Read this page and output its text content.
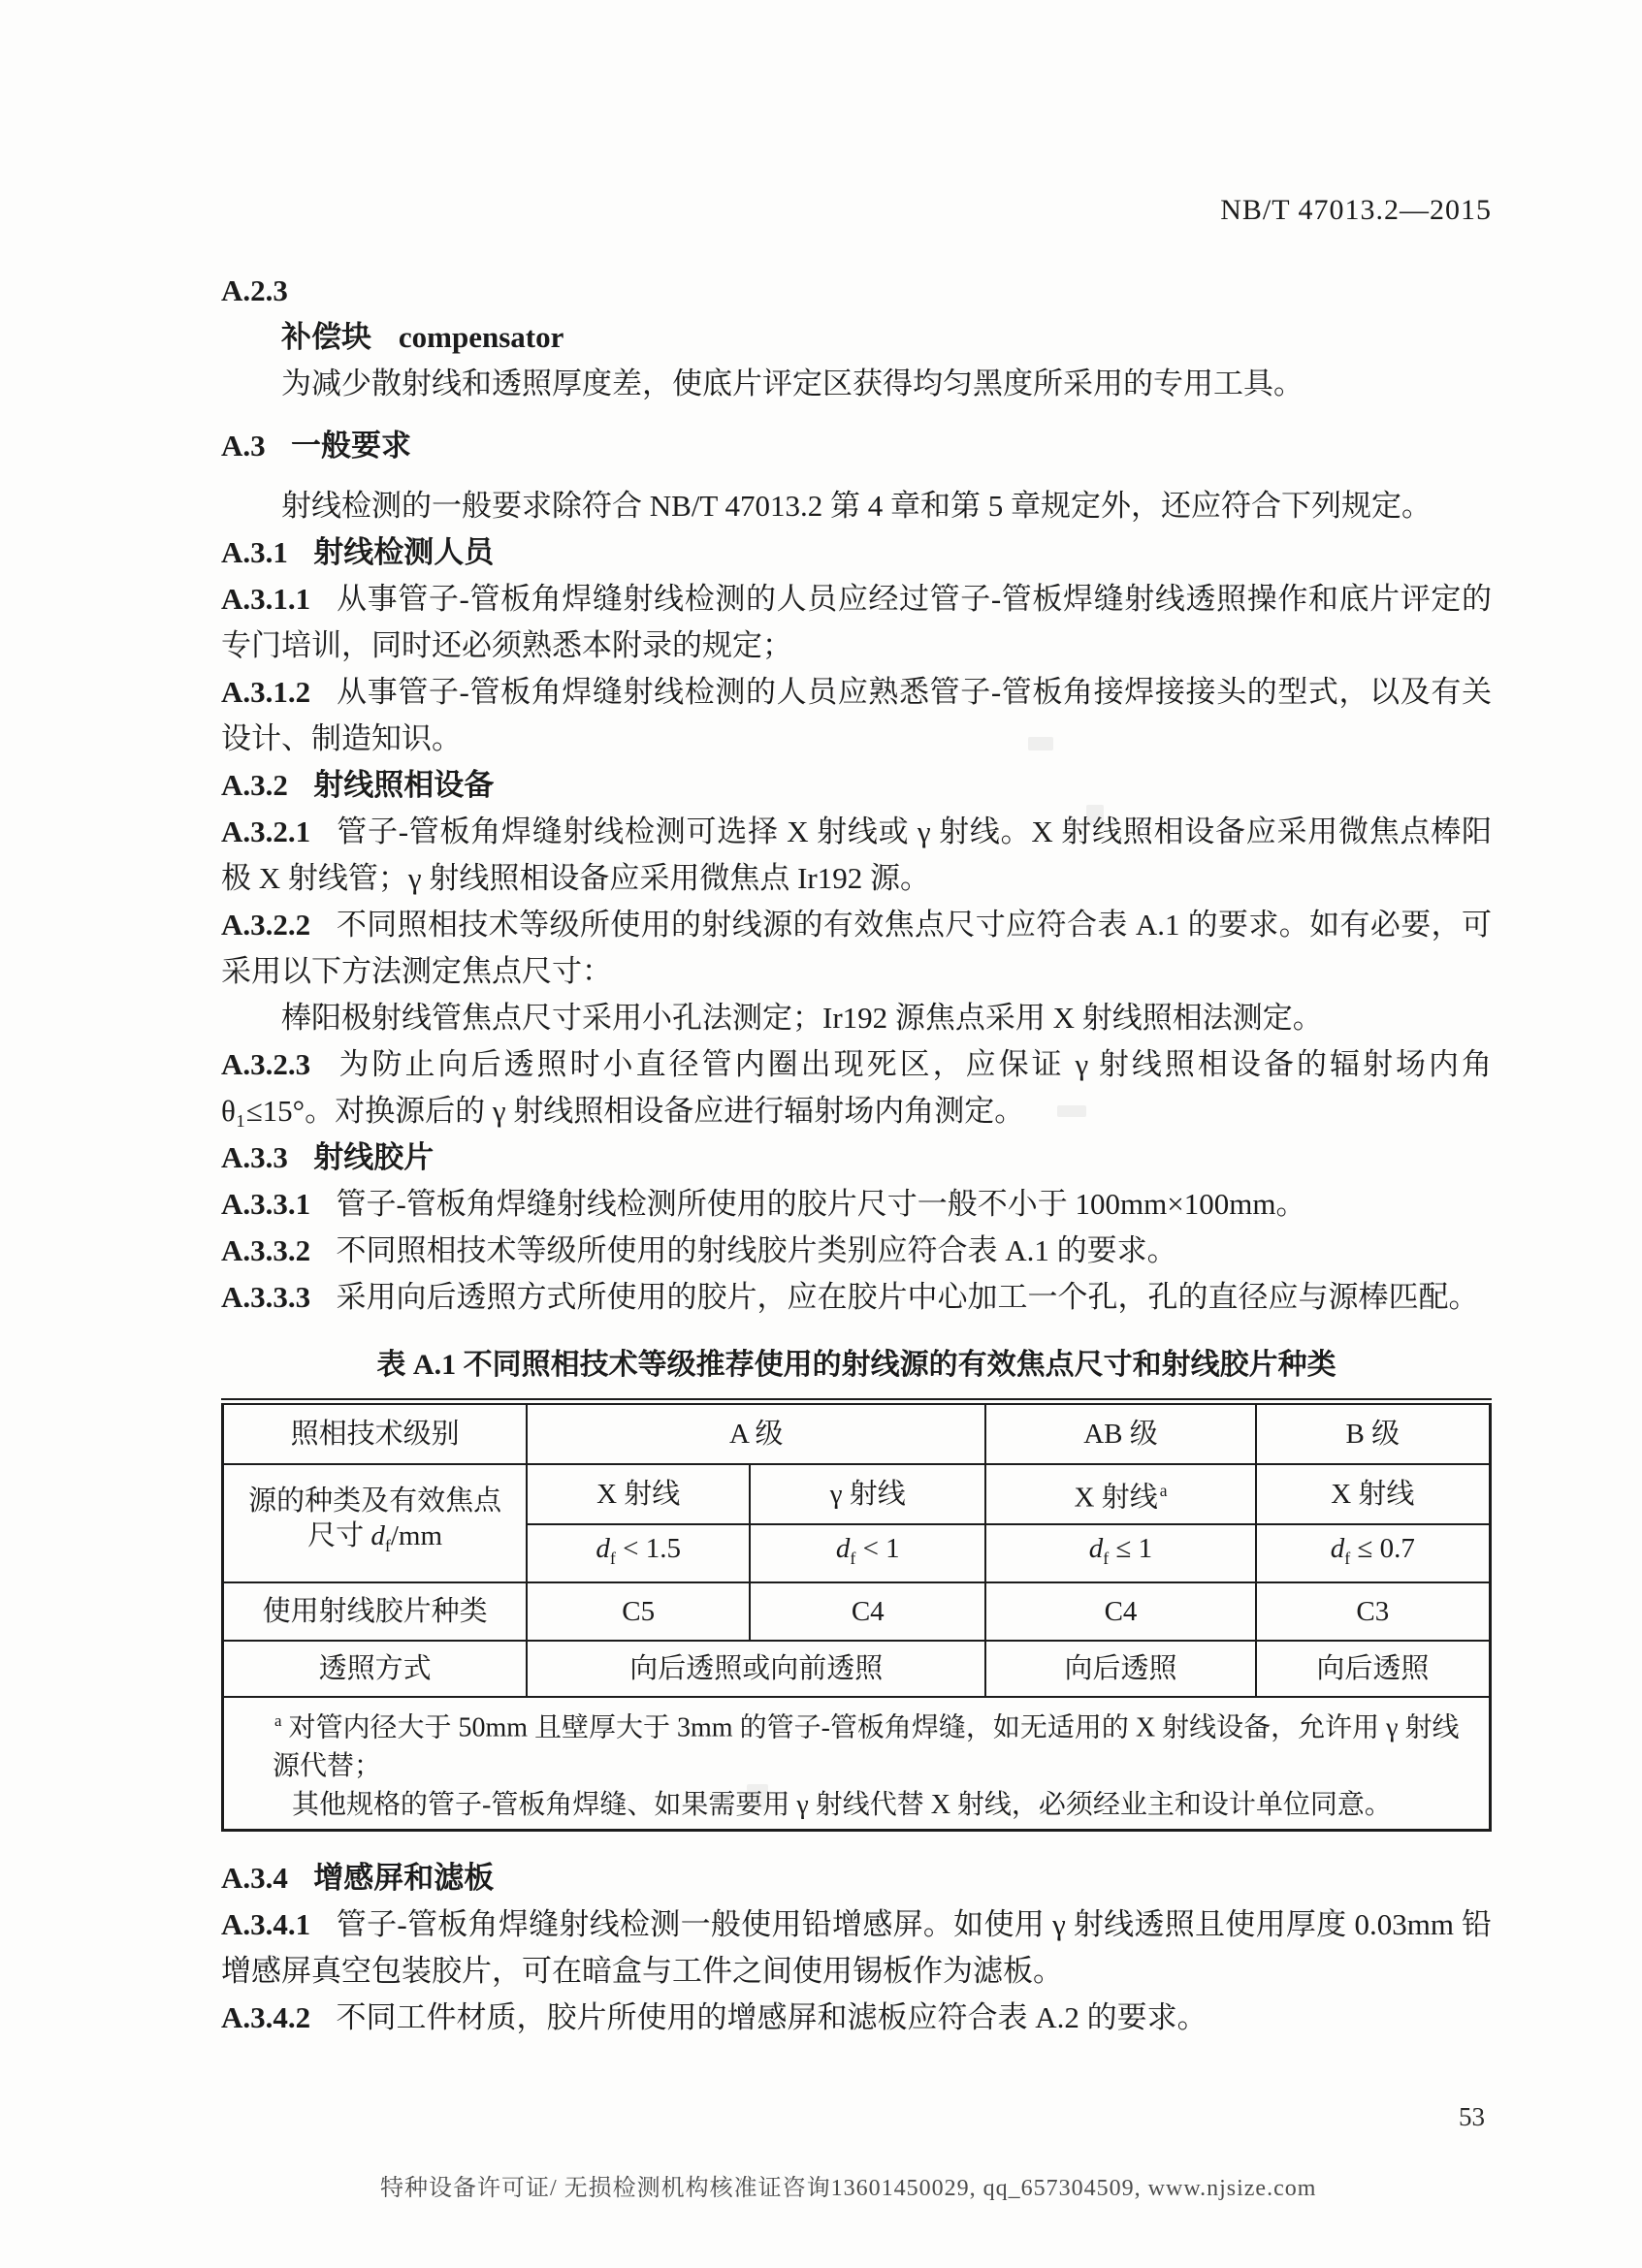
NB/T 47013.2—2015

A.2.3

补偿块 compensator

为减少散射线和透照厚度差，使底片评定区获得均匀黑度所采用的专用工具。

A.3 一般要求

射线检测的一般要求除符合 NB/T 47013.2 第 4 章和第 5 章规定外，还应符合下列规定。

A.3.1 射线检测人员

A.3.1.1 从事管子-管板角焊缝射线检测的人员应经过管子-管板焊缝射线透照操作和底片评定的专门培训，同时还必须熟悉本附录的规定；

A.3.1.2 从事管子-管板角焊缝射线检测的人员应熟悉管子-管板角接焊接接头的型式，以及有关设计、制造知识。

A.3.2 射线照相设备

A.3.2.1 管子-管板角焊缝射线检测可选择 X 射线或 γ 射线。X 射线照相设备应采用微焦点棒阳极 X 射线管；γ 射线照相设备应采用微焦点 Ir192 源。

A.3.2.2 不同照相技术等级所使用的射线源的有效焦点尺寸应符合表 A.1 的要求。如有必要，可采用以下方法测定焦点尺寸：

棒阳极射线管焦点尺寸采用小孔法测定；Ir192 源焦点采用 X 射线照相法测定。

A.3.2.3 为防止向后透照时小直径管内圈出现死区，应保证 γ 射线照相设备的辐射场内角 θ₁≤15°。对换源后的 γ 射线照相设备应进行辐射场内角测定。

A.3.3 射线胶片

A.3.3.1 管子-管板角焊缝射线检测所使用的胶片尺寸一般不小于 100mm×100mm。

A.3.3.2 不同照相技术等级所使用的射线胶片类别应符合表 A.1 的要求。

A.3.3.3 采用向后透照方式所使用的胶片，应在胶片中心加工一个孔，孔的直径应与源棒匹配。

表 A.1 不同照相技术等级推荐使用的射线源的有效焦点尺寸和射线胶片种类
照相技术级别	A 级		AB 级	B 级

源的种类及有效焦点
尺寸 $d_f/mm$	X 射线	γ 射线	X 射线 $^a$	X 射线
	$d_f < 1.5$	$d_f < 1$	$d_f \le 1$	$d_f \le 0.7$
使用射线胶片种类	C5	C4	C4	C3
透照方式	向后透照或向前透照		向后透照	向后透照

$^a$ 对管内径大于 50mm 且壁厚大于 3mm 的管子-管板角焊缝，如无适用的 X 射线设备，允许用 γ 射线源代替；
其他规格的管子-管板角焊缝、如果需要用 γ 射线代替 X 射线，必须经业主和设计单位同意。				

A.3.4 增感屏和滤板

A.3.4.1 管子-管板角焊缝射线检测一般使用铅增感屏。如使用 γ 射线透照且使用厚度 0.03mm 铅增感屏真空包装胶片，可在暗盒与工件之间使用锡板作为滤板。

A.3.4.2 不同工件材质，胶片所使用的增感屏和滤板应符合表 A.2 的要求。

53
特种设备许可证/ 无损检测机构核准证咨询13601450029, qq_657304509, www.njsize.com
